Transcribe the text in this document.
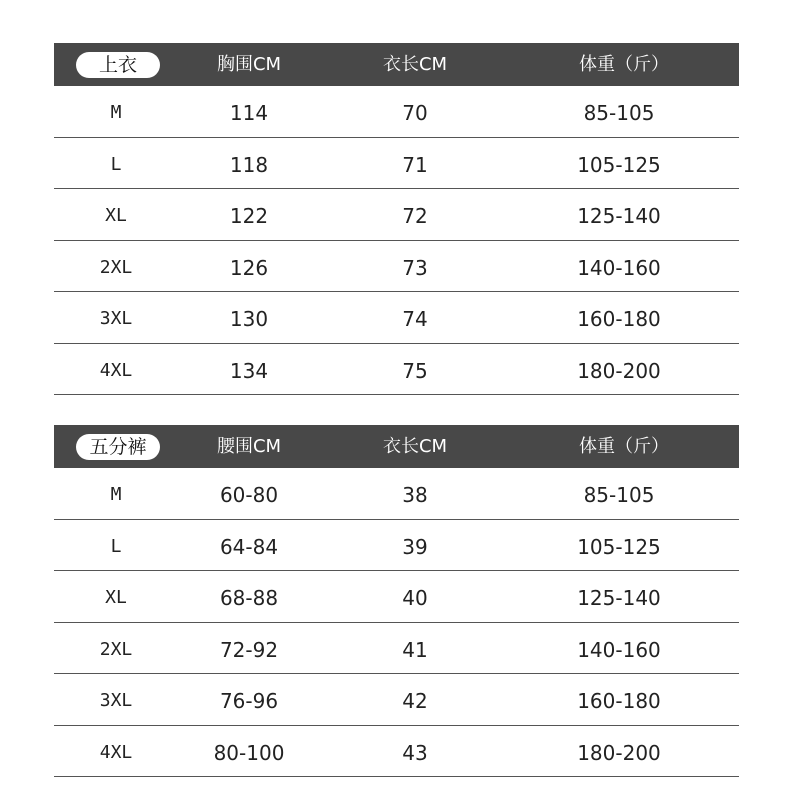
上衣	胸围CM	衣长CM	体重（斤）
M	114	70	85-105
L	118	71	105-125
XL	122	72	125-140
2XL	126	73	140-160
3XL	130	74	160-180
4XL	134	75	180-200
五分裤	腰围CM	衣长CM	体重（斤）
M	60-80	38	85-105
L	64-84	39	105-125
XL	68-88	40	125-140
2XL	72-92	41	140-160
3XL	76-96	42	160-180
4XL	80-100	43	180-200
